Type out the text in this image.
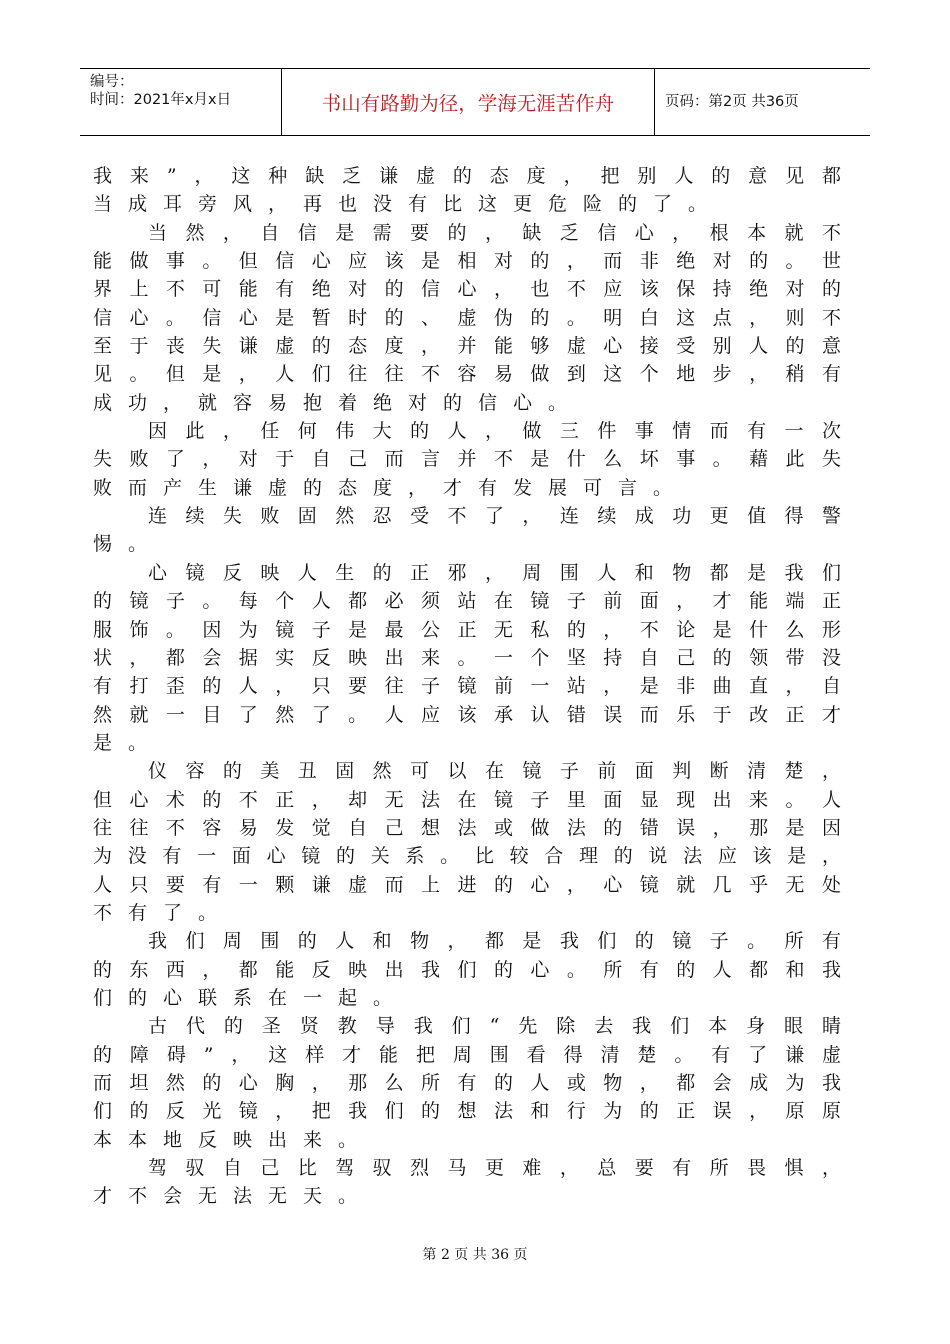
编号：
时间：2021年x月x日	书山有路勤为径，学海无涯苦作舟	页码：第2页 共36页
我来”，这种缺乏谦虚的态度，把别人的意见都
当成耳旁风，再也没有比这更危险的了。
当然，自信是需要的，缺乏信心，根本就不
能做事。但信心应该是相对的，而非绝对的。世
界上不可能有绝对的信心，也不应该保持绝对的
信心。信心是暂时的、虚伪的。明白这点，则不
至于丧失谦虚的态度，并能够虚心接受别人的意
见。但是，人们往往不容易做到这个地步，稍有
成功，就容易抱着绝对的信心。
因此，任何伟大的人，做三件事情而有一次
失败了，对于自己而言并不是什么坏事。藉此失
败而产生谦虚的态度，才有发展可言。
连续失败固然忍受不了，连续成功更值得警
惕。
心镜反映人生的正邪，周围人和物都是我们
的镜子。每个人都必须站在镜子前面，才能端正
服饰。因为镜子是最公正无私的，不论是什么形
状，都会据实反映出来。一个坚持自己的领带没
有打歪的人，只要往子镜前一站，是非曲直，自
然就一目了然了。人应该承认错误而乐于改正才
是。
仪容的美丑固然可以在镜子前面判断清楚，
但心术的不正，却无法在镜子里面显现出来。人
往往不容易发觉自己想法或做法的错误，那是因
为没有一面心镜的关系。比较合理的说法应该是，
人只要有一颗谦虚而上进的心，心镜就几乎无处
不有了。
我们周围的人和物，都是我们的镜子。所有
的东西，都能反映出我们的心。所有的人都和我
们的心联系在一起。
古代的圣贤教导我们“先除去我们本身眼睛
的障碍”，这样才能把周围看得清楚。有了谦虚
而坦然的心胸，那么所有的人或物，都会成为我
们的反光镜，把我们的想法和行为的正误，原原
本本地反映出来。
驾驭自己比驾驭烈马更难，总要有所畏惧，
才不会无法无天。
第 2 页 共 36 页
